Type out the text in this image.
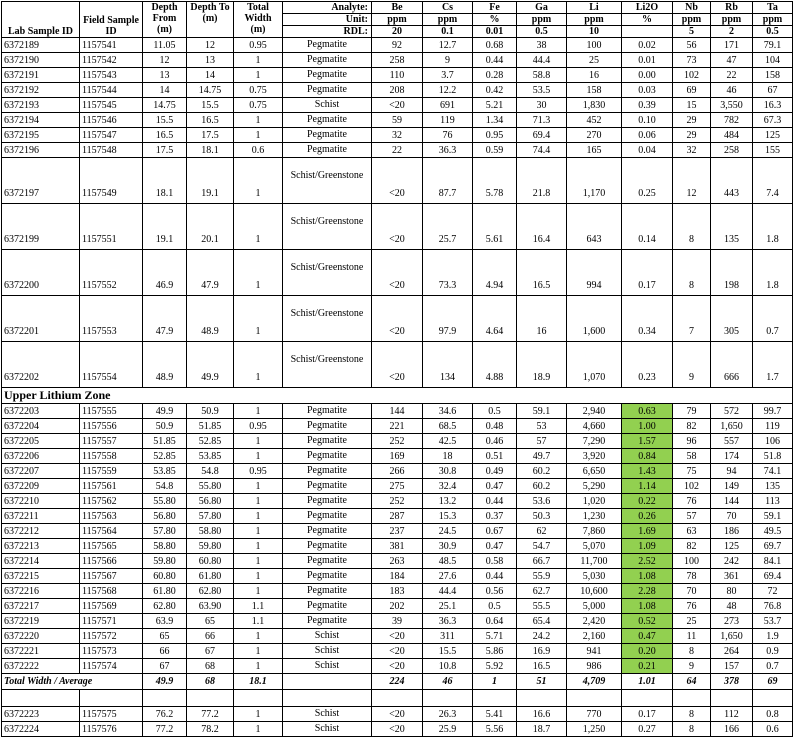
Lab Sample ID	Field Sample ID	Depth From (m)	Depth To (m)	Total Width (m)	Analyte:	Be	Cs	Fe	Ga	Li	Li2O	Nb	Rb	Ta
					Unit:	ppm	ppm	%	ppm	ppm	%	ppm	ppm	ppm
					RDL:	20	0.1	0.01	0.5	10		5	2	0.5
6372189	1157541	11.05	12	0.95	Pegmatite	92	12.7	0.68	38	100	0.02	56	171	79.1
6372190	1157542	12	13	1	Pegmatite	258	9	0.44	44.4	25	0.01	73	47	104
6372191	1157543	13	14	1	Pegmatite	110	3.7	0.28	58.8	16	0.00	102	22	158
6372192	1157544	14	14.75	0.75	Pegmatite	208	12.2	0.42	53.5	158	0.03	69	46	67
6372193	1157545	14.75	15.5	0.75	Schist	<20	691	5.21	30	1,830	0.39	15	3,550	16.3
6372194	1157546	15.5	16.5	1	Pegmatite	59	119	1.34	71.3	452	0.10	29	782	67.3
6372195	1157547	16.5	17.5	1	Pegmatite	32	76	0.95	69.4	270	0.06	29	484	125
6372196	1157548	17.5	18.1	0.6	Pegmatite	22	36.3	0.59	74.4	165	0.04	32	258	155
6372197	1157549	18.1	19.1	1	Schist/Greenstone	<20	87.7	5.78	21.8	1,170	0.25	12	443	7.4
6372199	1157551	19.1	20.1	1	Schist/Greenstone	<20	25.7	5.61	16.4	643	0.14	8	135	1.8
6372200	1157552	46.9	47.9	1	Schist/Greenstone	<20	73.3	4.94	16.5	994	0.17	8	198	1.8
6372201	1157553	47.9	48.9	1	Schist/Greenstone	<20	97.9	4.64	16	1,600	0.34	7	305	0.7
6372202	1157554	48.9	49.9	1	Schist/Greenstone	<20	134	4.88	18.9	1,070	0.23	9	666	1.7
Upper Lithium Zone														
6372203	1157555	49.9	50.9	1	Pegmatite	144	34.6	0.5	59.1	2,940	0.63	79	572	99.7
6372204	1157556	50.9	51.85	0.95	Pegmatite	221	68.5	0.48	53	4,660	1.00	82	1,650	119
6372205	1157557	51.85	52.85	1	Pegmatite	252	42.5	0.46	57	7,290	1.57	96	557	106
6372206	1157558	52.85	53.85	1	Pegmatite	169	18	0.51	49.7	3,920	0.84	58	174	51.8
6372207	1157559	53.85	54.8	0.95	Pegmatite	266	30.8	0.49	60.2	6,650	1.43	75	94	74.1
6372209	1157561	54.8	55.80	1	Pegmatite	275	32.4	0.47	60.2	5,290	1.14	102	149	135
6372210	1157562	55.80	56.80	1	Pegmatite	252	13.2	0.44	53.6	1,020	0.22	76	144	113
6372211	1157563	56.80	57.80	1	Pegmatite	287	15.3	0.37	50.3	1,230	0.26	57	70	59.1
6372212	1157564	57.80	58.80	1	Pegmatite	237	24.5	0.67	62	7,860	1.69	63	186	49.5
6372213	1157565	58.80	59.80	1	Pegmatite	381	30.9	0.47	54.7	5,070	1.09	82	125	69.7
6372214	1157566	59.80	60.80	1	Pegmatite	263	48.5	0.58	66.7	11,700	2.52	100	242	84.1
6372215	1157567	60.80	61.80	1	Pegmatite	184	27.6	0.44	55.9	5,030	1.08	78	361	69.4
6372216	1157568	61.80	62.80	1	Pegmatite	183	44.4	0.56	62.7	10,600	2.28	70	80	72
6372217	1157569	62.80	63.90	1.1	Pegmatite	202	25.1	0.5	55.5	5,000	1.08	76	48	76.8
6372219	1157571	63.9	65	1.1	Pegmatite	39	36.3	0.64	65.4	2,420	0.52	25	273	53.7
6372220	1157572	65	66	1	Schist	<20	311	5.71	24.2	2,160	0.47	11	1,650	1.9
6372221	1157573	66	67	1	Schist	<20	15.5	5.86	16.9	941	0.20	8	264	0.9
6372222	1157574	67	68	1	Schist	<20	10.8	5.92	16.5	986	0.21	9	157	0.7
Total Width / Average		49.9	68	18.1		224	46	1	51	4,709	1.01	64	378	69

6372223	1157575	76.2	77.2	1	Schist	<20	26.3	5.41	16.6	770	0.17	8	112	0.8
6372224	1157576	77.2	78.2	1	Schist	<20	25.9	5.56	18.7	1,250	0.27	8	166	0.6
